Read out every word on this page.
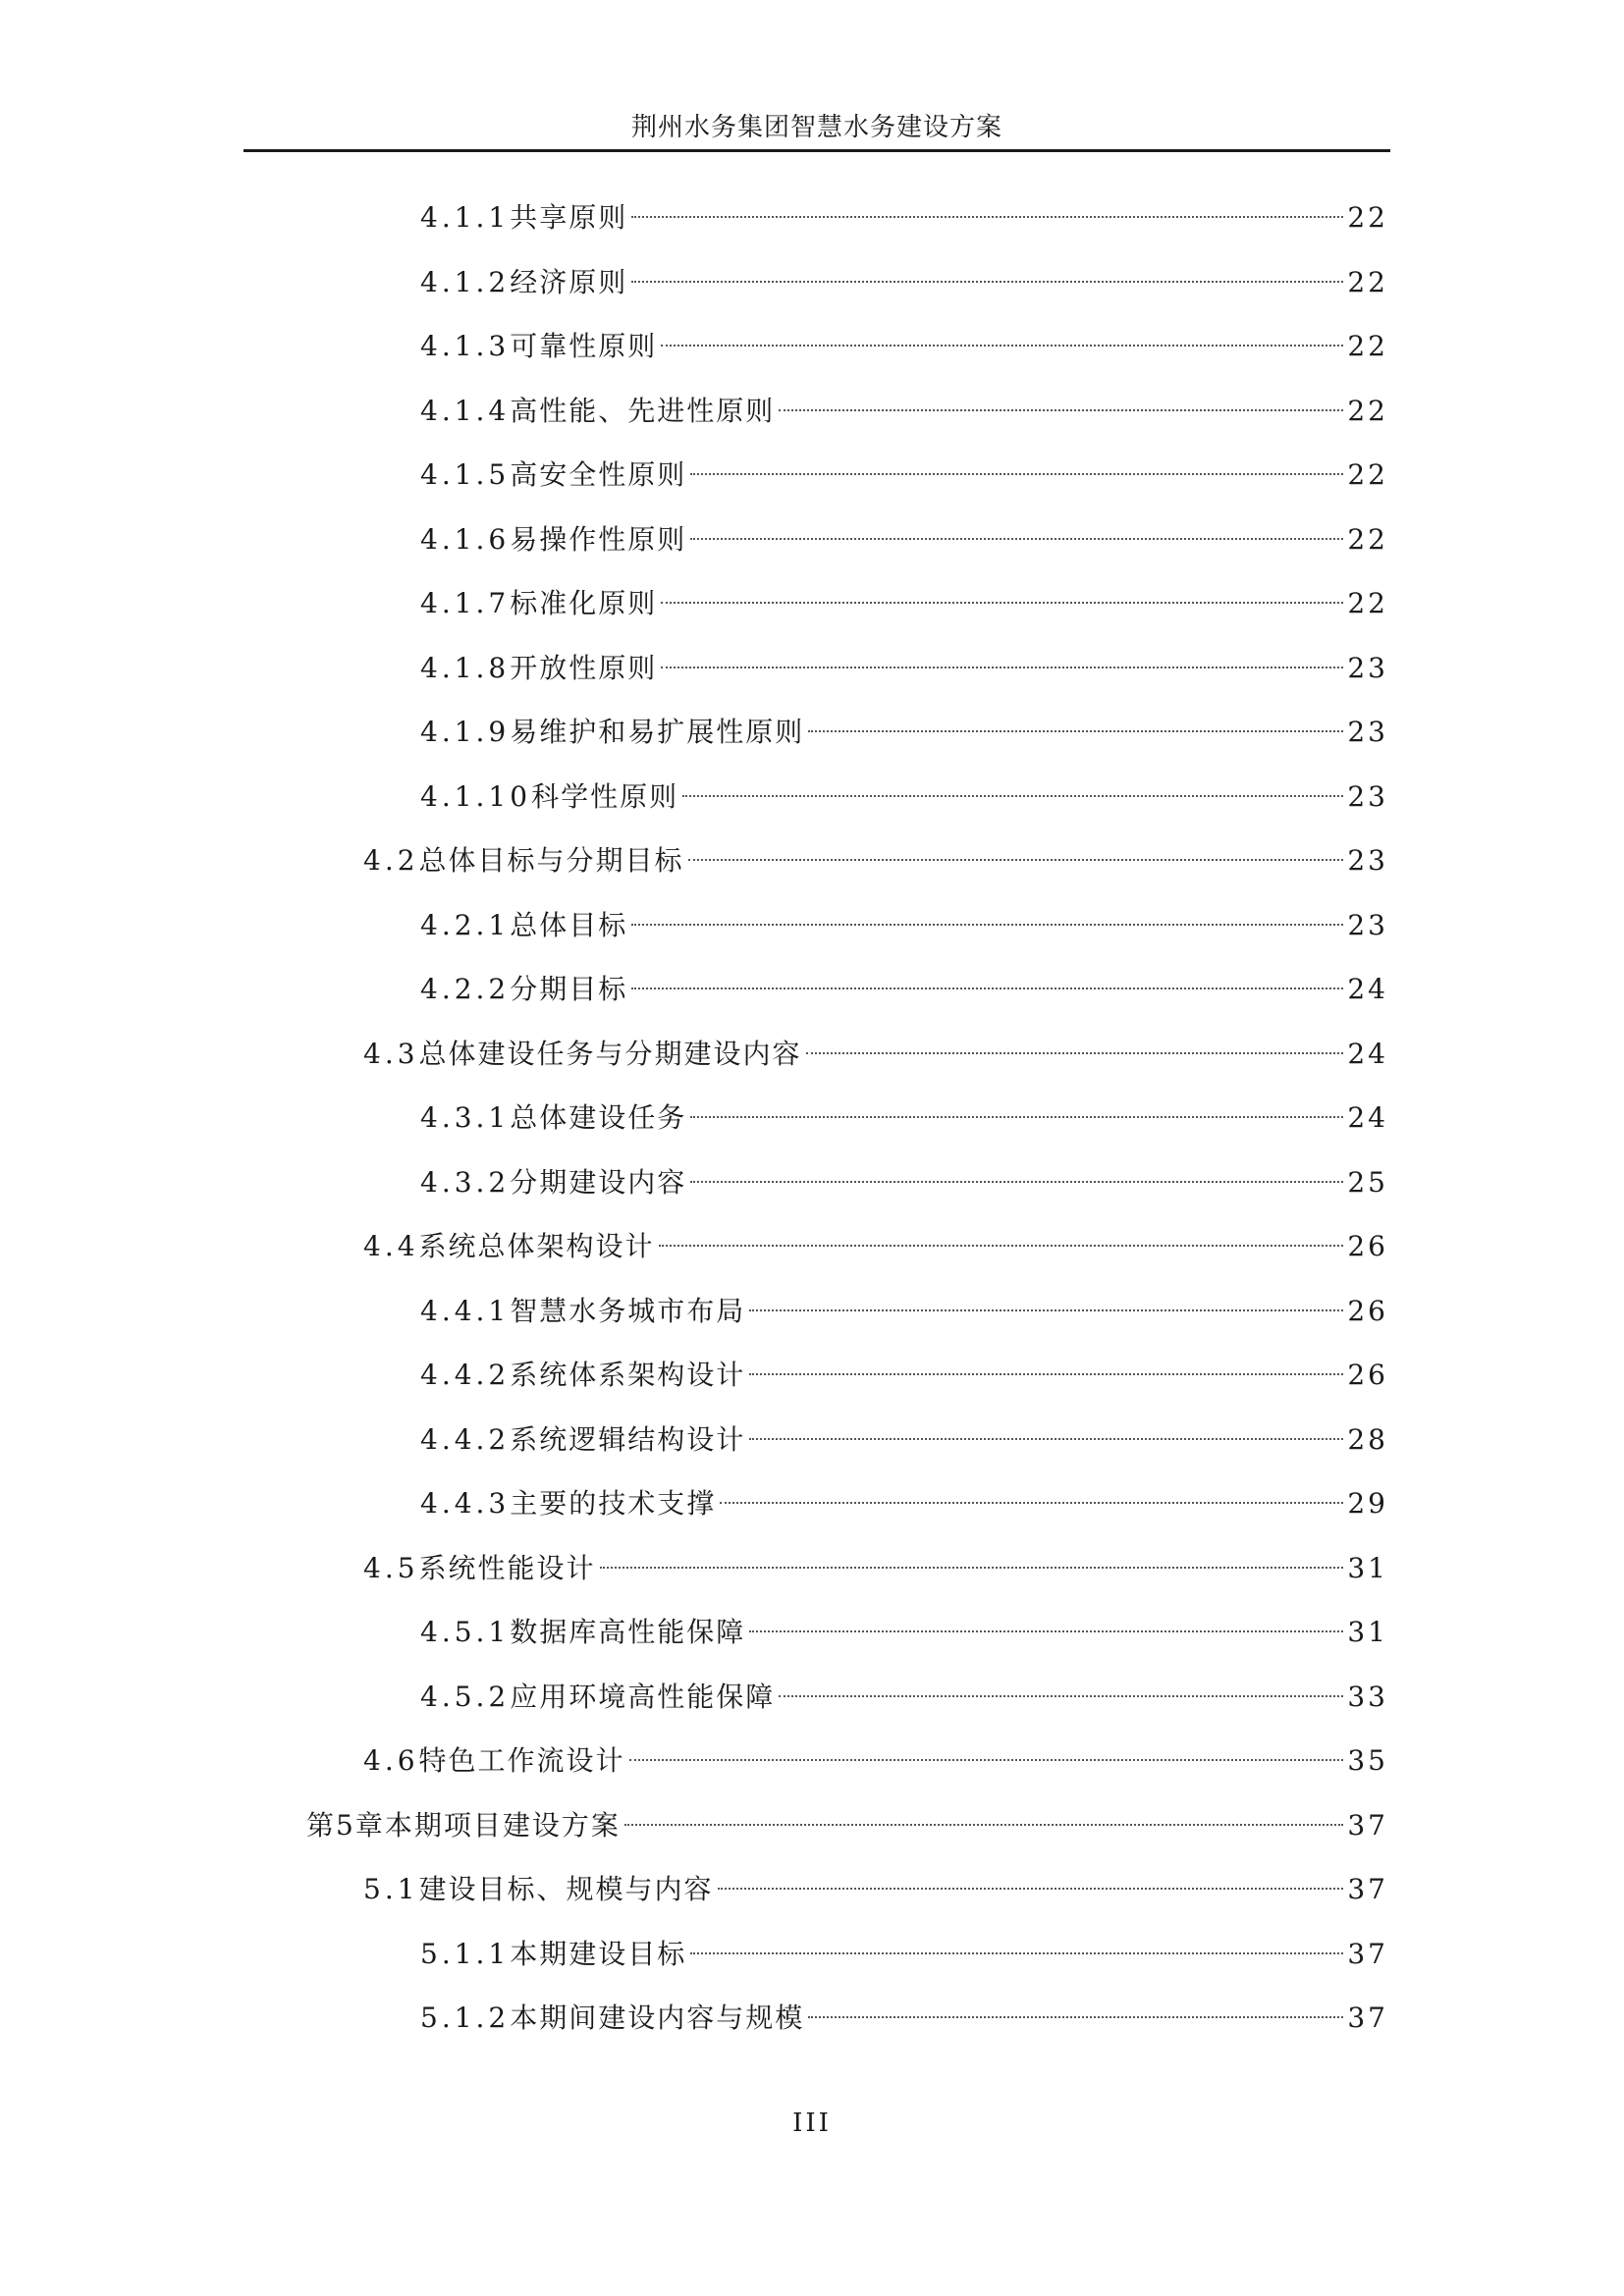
荆州水务集团智慧水务建设方案
4.1.1 共享原则	22
4.1.2 经济原则	22
4.1.3 可靠性原则	22
4.1.4 高性能、先进性原则	22
4.1.5 高安全性原则	22
4.1.6 易操作性原则	22
4.1.7 标准化原则	22
4.1.8 开放性原则	23
4.1.9 易维护和易扩展性原则	23
4.1.10 科学性原则	23
4.2 总体目标与分期目标	23
4.2.1 总体目标	23
4.2.2 分期目标	24
4.3 总体建设任务与分期建设内容	24
4.3.1 总体建设任务	24
4.3.2 分期建设内容	25
4.4 系统总体架构设计	26
4.4.1 智慧水务城市布局	26
4.4.2 系统体系架构设计	26
4.4.2 系统逻辑结构设计	28
4.4.3 主要的技术支撑	29
4.5 系统性能设计	31
4.5.1 数据库高性能保障	31
4.5.2 应用环境高性能保障	33
4.6 特色工作流设计	35
第5章本期项目建设方案	37
5.1 建设目标、规模与内容	37
5.1.1 本期建设目标	37
5.1.2 本期间建设内容与规模	37
III
